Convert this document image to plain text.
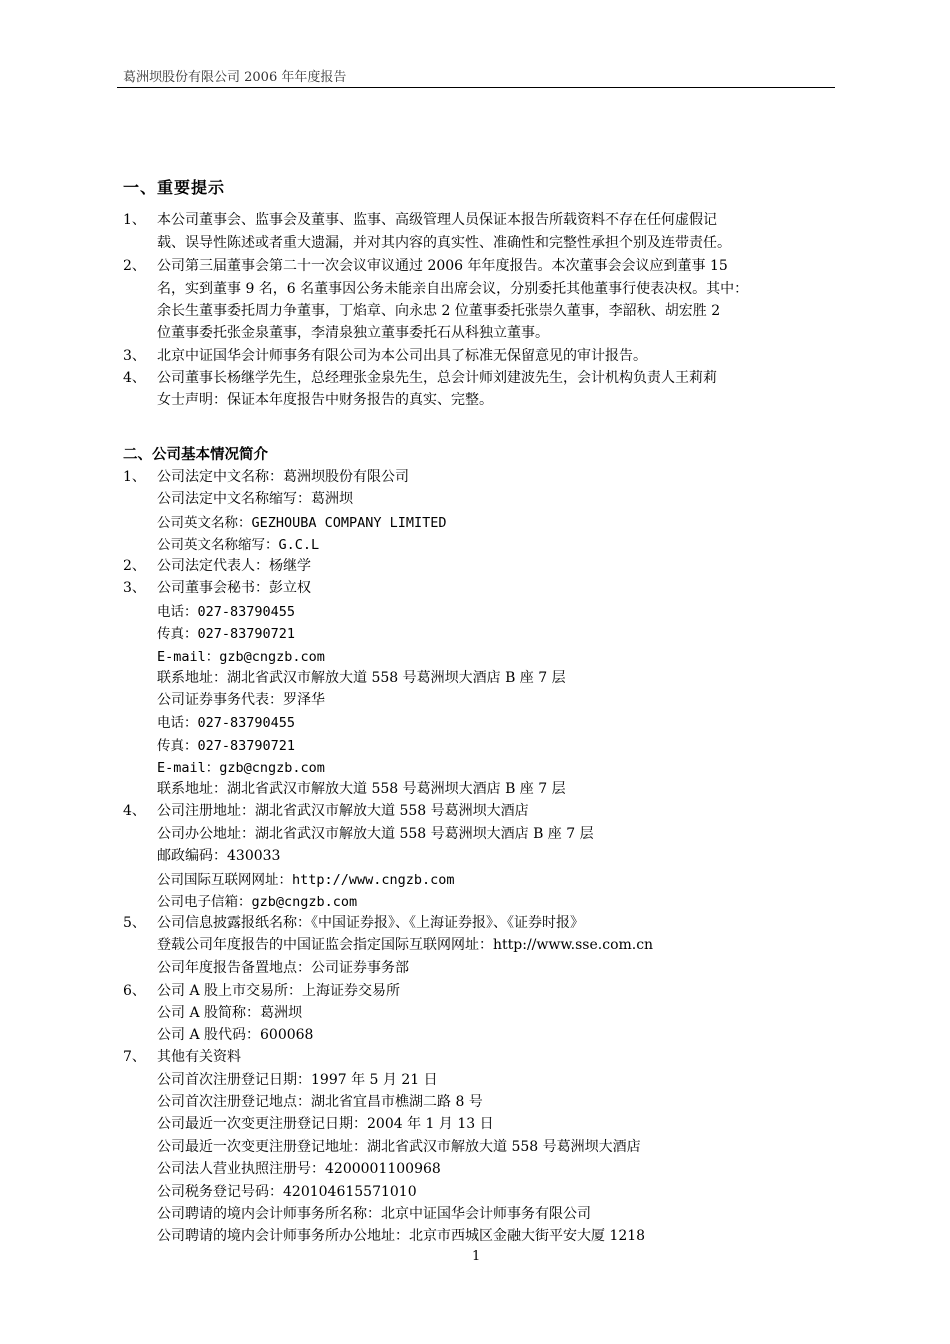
葛洲坝股份有限公司 2006 年年度报告
一、重要提示
1、 本公司董事会、监事会及董事、监事、高级管理人员保证本报告所载资料不存在任何虚假记
载、误导性陈述或者重大遗漏，并对其内容的真实性、准确性和完整性承担个别及连带责任。
2、 公司第三届董事会第二十一次会议审议通过 2006 年年度报告。本次董事会会议应到董事 15
名，实到董事 9 名，6 名董事因公务未能亲自出席会议，分别委托其他董事行使表决权。其中：
余长生董事委托周力争董事，丁焰章、向永忠 2 位董事委托张崇久董事，李韶秋、胡宏胜 2
位董事委托张金泉董事，李清泉独立董事委托石从科独立董事。
3、 北京中证国华会计师事务有限公司为本公司出具了标准无保留意见的审计报告。
4、 公司董事长杨继学先生，总经理张金泉先生，总会计师刘建波先生，会计机构负责人王莉莉
女士声明：保证本年度报告中财务报告的真实、完整。
二、公司基本情况简介
1、
2、
3、
4、
5、
6、
7、
公司法定中文名称：葛洲坝股份有限公司
公司法定中文名称缩写：葛洲坝
公司英文名称：GEZHOUBA COMPANY LIMITED
公司英文名称缩写：G.C.L
公司法定代表人：杨继学
公司董事会秘书：彭立权
电话：027-83790455
传真：027-83790721
E-mail：gzb@cngzb.com
联系地址：湖北省武汉市解放大道 558 号葛洲坝大酒店 B 座 7 层
公司证券事务代表：罗泽华
电话：027-83790455
传真：027-83790721
E-mail：gzb@cngzb.com
联系地址：湖北省武汉市解放大道 558 号葛洲坝大酒店 B 座 7 层
公司注册地址：湖北省武汉市解放大道 558 号葛洲坝大酒店
公司办公地址：湖北省武汉市解放大道 558 号葛洲坝大酒店 B 座 7 层
邮政编码：430033
公司国际互联网网址：http://www.cngzb.com
公司电子信箱：gzb@cngzb.com
公司信息披露报纸名称：《中国证券报》、《上海证券报》、《证券时报》
登载公司年度报告的中国证监会指定国际互联网网址：http://www.sse.com.cn
公司年度报告备置地点：公司证券事务部
公司 A 股上市交易所：上海证券交易所
公司 A 股简称：葛洲坝
公司 A 股代码：600068
其他有关资料
公司首次注册登记日期：1997 年 5 月 21 日
公司首次注册登记地点：湖北省宜昌市樵湖二路 8 号
公司最近一次变更注册登记日期：2004 年 1 月 13 日
公司最近一次变更注册登记地址：湖北省武汉市解放大道 558 号葛洲坝大酒店
公司法人营业执照注册号：4200001100968
公司税务登记号码：420104615571010
公司聘请的境内会计师事务所名称：北京中证国华会计师事务有限公司
公司聘请的境内会计师事务所办公地址：北京市西城区金融大街平安大厦 1218
1
